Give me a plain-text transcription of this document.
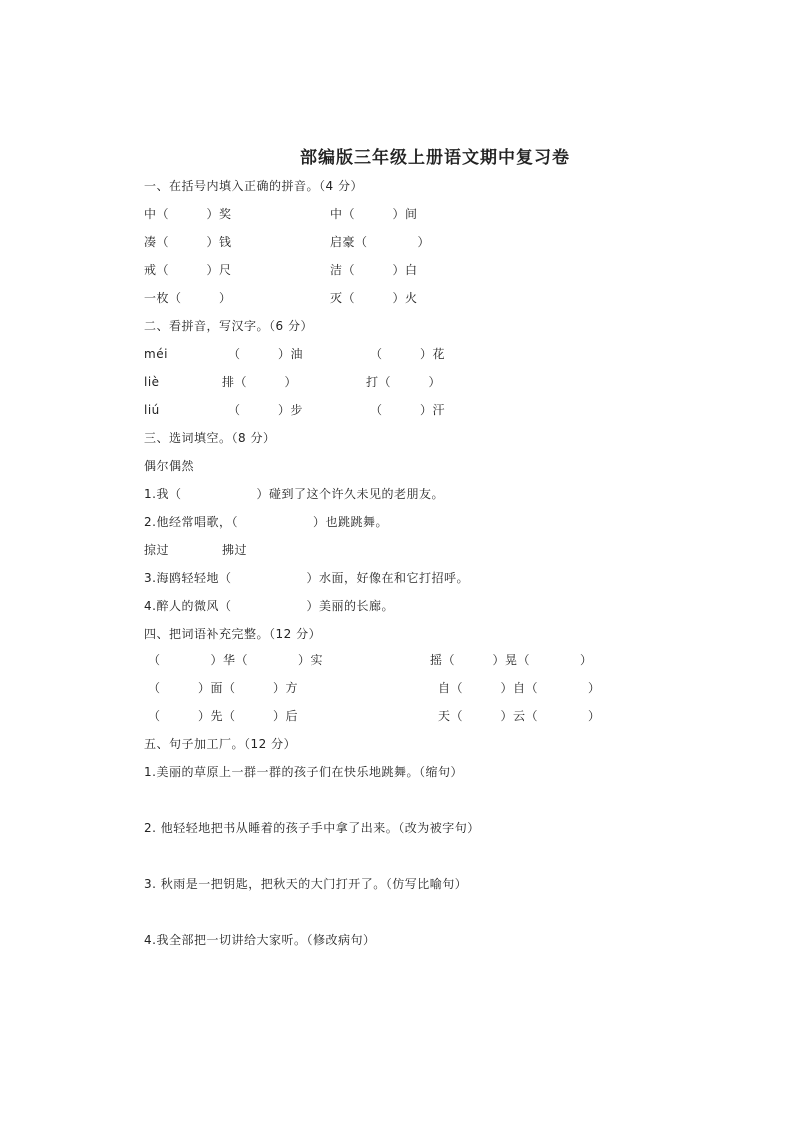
部编版三年级上册语文期中复习卷
一、在括号内填入正确的拼音。（4 分）
中（　　　）奖	中（　　　）间
凑（　　　）钱	启豪（　　　　）
戒（　　　）尺	洁（　　　）白
一枚（　　　）	灭（　　　）火
二、看拼音，写汉字。（6 分）
méi	（　　　）油	（　　　）花
liè	排（　　　）	打（　　　）
liú	（　　　）步	（　　　）汗
三、选词填空。（8 分）
偶尔偶然
1.我（　　　　　　）碰到了这个许久未见的老朋友。
2.他经常唱歌，（　　　　　　）也跳跳舞。
掠过	拂过
3.海鸥轻轻地（　　　　　　）水面，好像在和它打招呼。
4.醉人的微风（　　　　　　）美丽的长廊。
四、把词语补充完整。（12 分）
（　　　　）华（　　　　）实	摇（　　　）晃（　　　　）
（　　　）面（　　　）方	自（　　　）自（　　　　）
（　　　）先（　　　）后	天（　　　）云（　　　　）
五、句子加工厂。（12 分）
1.美丽的草原上一群一群的孩子们在快乐地跳舞。（缩句）
2. 他轻轻地把书从睡着的孩子手中拿了出来。（改为被字句）
3. 秋雨是一把钥匙，把秋天的大门打开了。（仿写比喻句）
4.我全部把一切讲给大家听。（修改病句）
